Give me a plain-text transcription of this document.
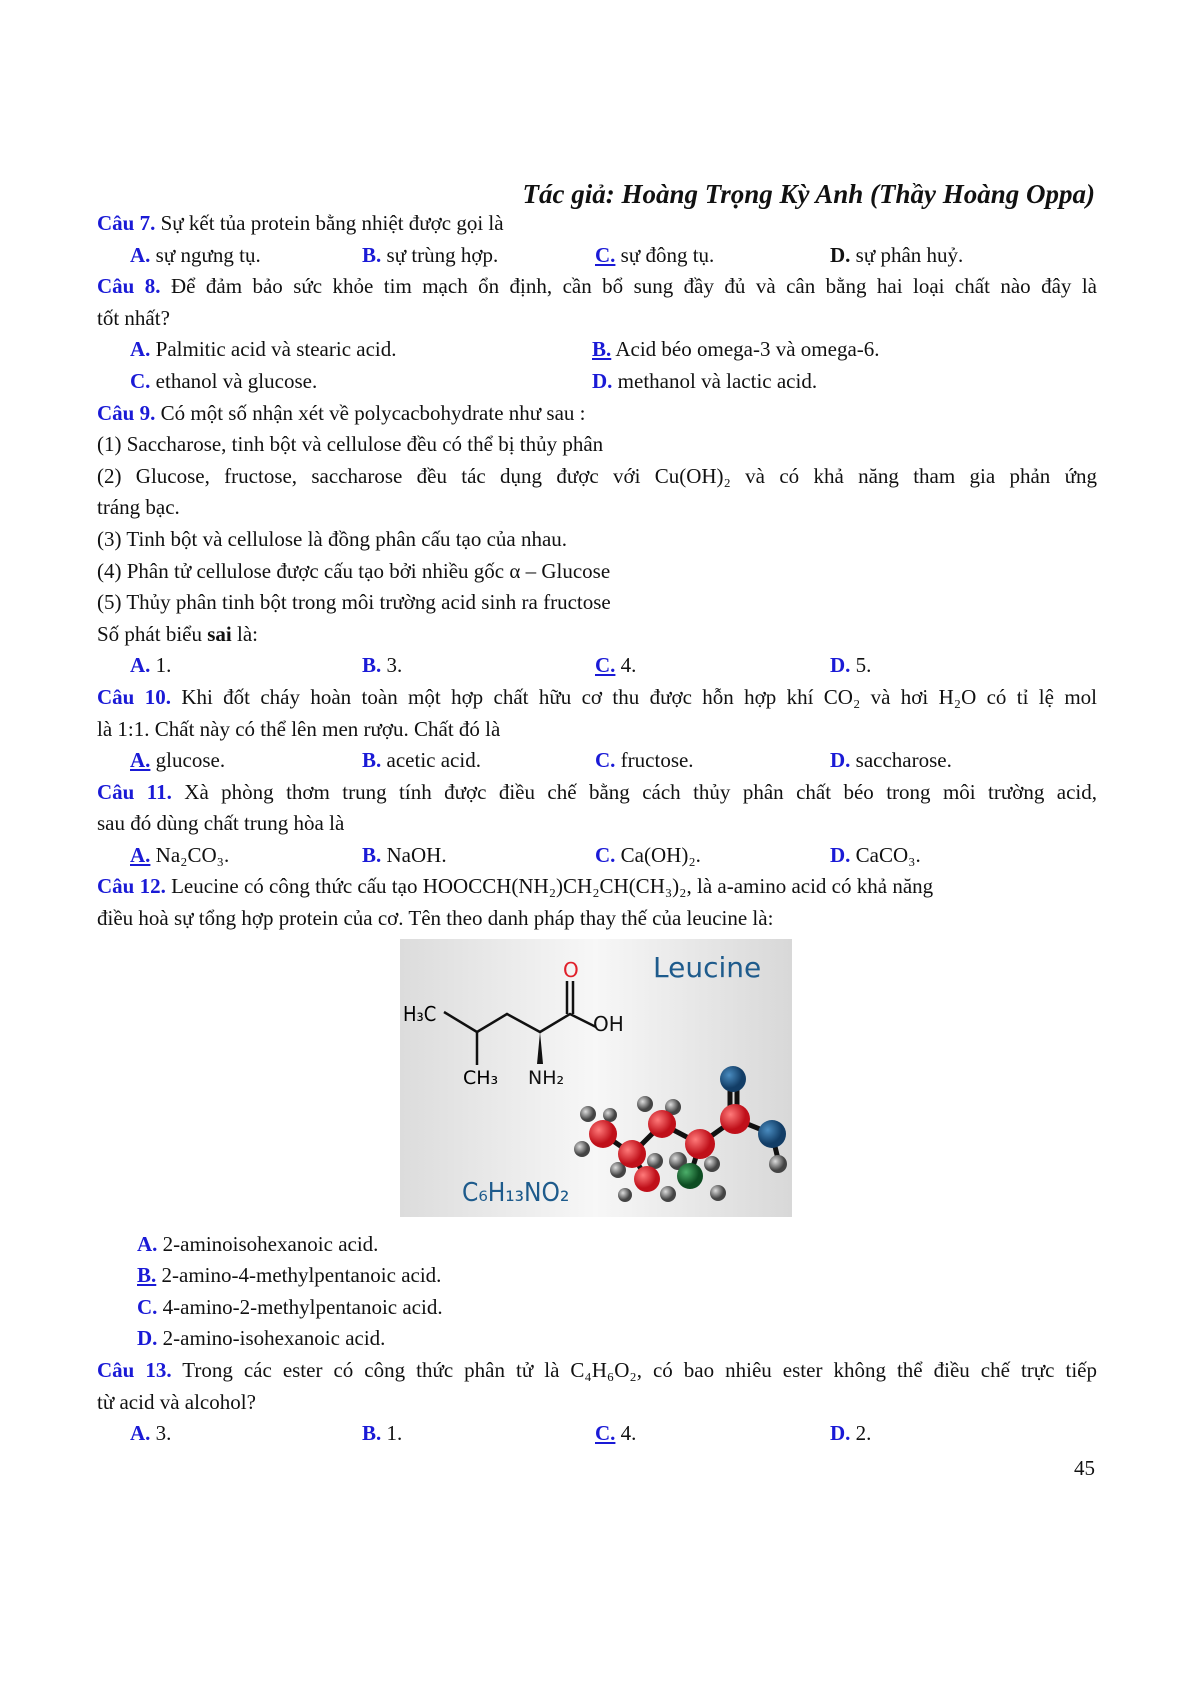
Tác giả: Hoàng Trọng Kỳ Anh (Thầy Hoàng Oppa)
Câu 7. Sự kết tủa protein bằng nhiệt được gọi là
A. sự ngưng tụ.	B. sự trùng hợp.	C. sự đông tụ.	D. sự phân huỷ.
Câu 8. Để đảm bảo sức khỏe tim mạch ổn định, cần bổ sung đầy đủ và cân bằng hai loại chất nào đây là
tốt nhất?
A. Palmitic acid và stearic acid.	B. Acid béo omega-3 và omega-6.
C. ethanol và glucose.	D. methanol và lactic acid.
Câu 9. Có một số nhận xét về polycacbohydrate như sau :
(1) Saccharose, tinh bột và cellulose đều có thể bị thủy phân
(2) Glucose, fructose, saccharose đều tác dụng được với Cu(OH)₂ và có khả năng tham gia phản ứng
tráng bạc.
(3) Tinh bột và cellulose là đồng phân cấu tạo của nhau.
(4) Phân tử cellulose được cấu tạo bởi nhiều gốc α – Glucose
(5) Thủy phân tinh bột trong môi trường acid sinh ra fructose
Số phát biểu sai là:
A. 1.	B. 3.	C. 4.	D. 5.
Câu 10. Khi đốt cháy hoàn toàn một hợp chất hữu cơ thu được hỗn hợp khí CO₂ và hơi H₂O có tỉ lệ mol
là 1:1. Chất này có thể lên men rượu. Chất đó là
A. glucose.	B. acetic acid.	C. fructose.	D. saccharose.
Câu 11. Xà phòng thơm trung tính được điều chế bằng cách thủy phân chất béo trong môi trường acid,
sau đó dùng chất trung hòa là
A. Na₂CO₃.	B. NaOH.	C. Ca(OH)₂.	D. CaCO₃.
Câu 12. Leucine có công thức cấu tạo HOOCCH(NH₂)CH₂CH(CH₃)₂, là a-amino acid có khả năng
điều hoà sự tổng hợp protein của cơ. Tên theo danh pháp thay thế của leucine là:
H₃C
CH₃ NH₂
O
OH
Leucine
C₆H₁₃NO₂
A. 2-aminoisohexanoic acid.
B. 2-amino-4-methylpentanoic acid.
C. 4-amino-2-methylpentanoic acid.
D. 2-amino-isohexanoic acid.
Câu 13. Trong các ester có công thức phân tử là C₄H₆O₂, có bao nhiêu ester không thể điều chế trực tiếp
từ acid và alcohol?
A. 3.	B. 1.	C. 4.	D. 2.
45
